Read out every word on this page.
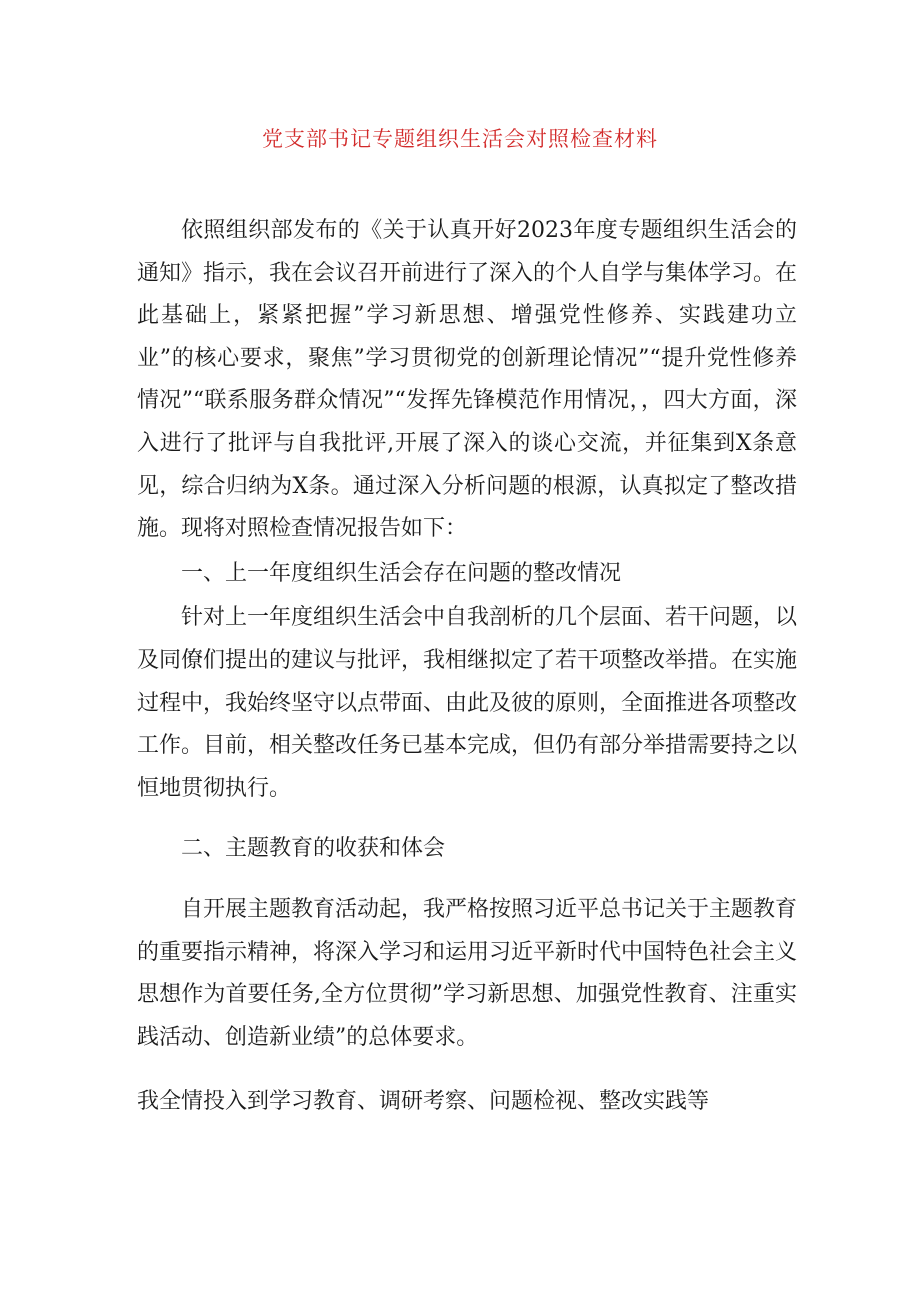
党支部书记专题组织生活会对照检查材料

依照组织部发布的《关于认真开好2023年度专题组织生活会的通知》指示，我在会议召开前进行了深入的个人自学与集体学习。在此基础上，紧紧把握”学习新思想、增强党性修养、实践建功立业”的核心要求，聚焦”学习贯彻党的创新理论情况”“提升党性修养情况”“联系服务群众情况”“发挥先锋模范作用情况，，四大方面，深入进行了批评与自我批评,开展了深入的谈心交流，并征集到X条意见，综合归纳为X条。通过深入分析问题的根源，认真拟定了整改措施。现将对照检查情况报告如下：

一、上一年度组织生活会存在问题的整改情况

针对上一年度组织生活会中自我剖析的几个层面、若干问题，以及同僚们提出的建议与批评，我相继拟定了若干项整改举措。在实施过程中，我始终坚守以点带面、由此及彼的原则，全面推进各项整改工作。目前，相关整改任务已基本完成，但仍有部分举措需要持之以恒地贯彻执行。

二、主题教育的收获和体会

自开展主题教育活动起，我严格按照习近平总书记关于主题教育的重要指示精神，将深入学习和运用习近平新时代中国特色社会主义思想作为首要任务,全方位贯彻”学习新思想、加强党性教育、注重实践活动、创造新业绩”的总体要求。

我全情投入到学习教育、调研考察、问题检视、整改实践等
